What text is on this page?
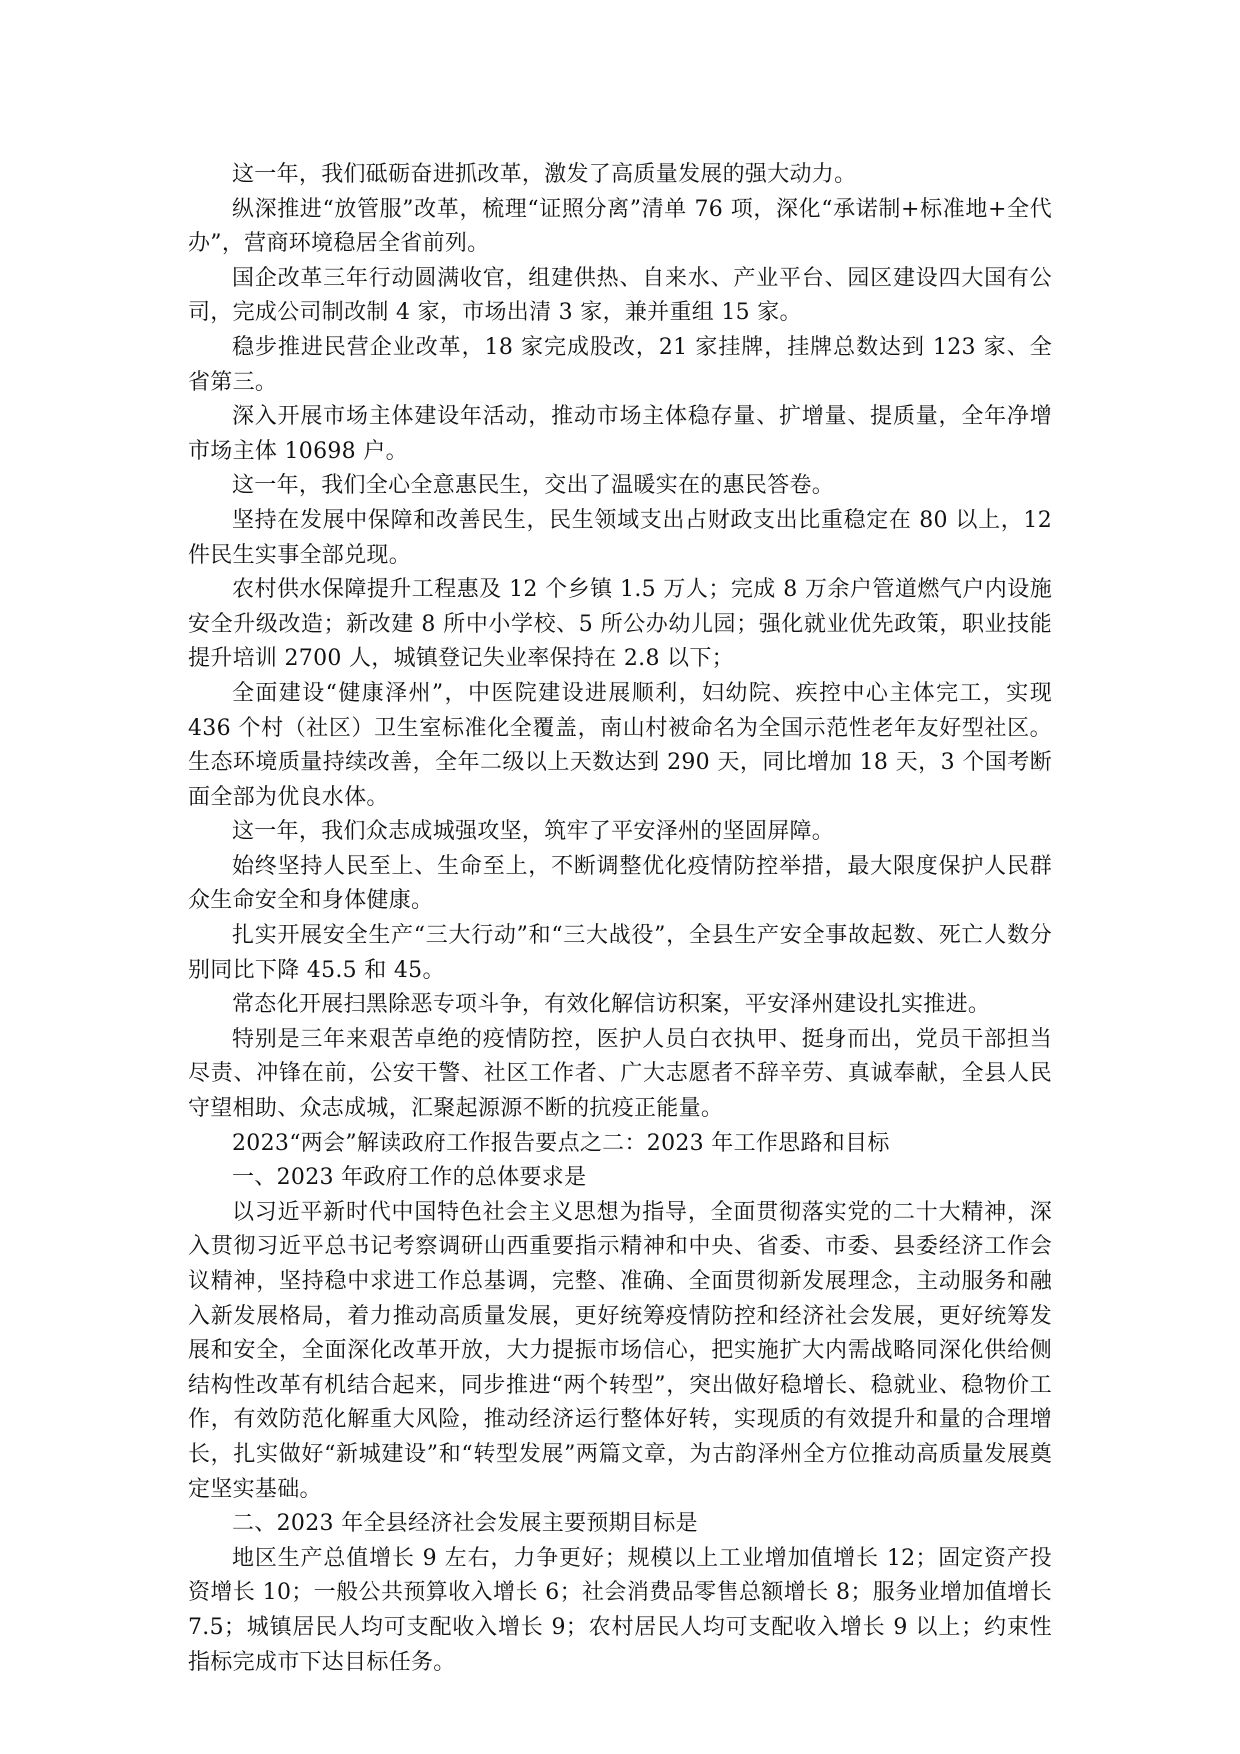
这一年，我们砥砺奋进抓改革，激发了高质量发展的强大动力。

纵深推进“放管服”改革，梳理“证照分离”清单 76 项，深化“承诺制+标准地+全代办”，营商环境稳居全省前列。

国企改革三年行动圆满收官，组建供热、自来水、产业平台、园区建设四大国有公司，完成公司制改制 4 家，市场出清 3 家，兼并重组 15 家。

稳步推进民营企业改革，18 家完成股改，21 家挂牌，挂牌总数达到 123 家、全省第三。

深入开展市场主体建设年活动，推动市场主体稳存量、扩增量、提质量，全年净增市场主体 10698 户。

这一年，我们全心全意惠民生，交出了温暖实在的惠民答卷。

坚持在发展中保障和改善民生，民生领域支出占财政支出比重稳定在 80 以上，12 件民生实事全部兑现。

农村供水保障提升工程惠及 12 个乡镇 1.5 万人；完成 8 万余户管道燃气户内设施安全升级改造；新改建 8 所中小学校、5 所公办幼儿园；强化就业优先政策，职业技能提升培训 2700 人，城镇登记失业率保持在 2.8 以下；

全面建设“健康泽州”，中医院建设进展顺利，妇幼院、疾控中心主体完工，实现 436 个村（社区）卫生室标准化全覆盖，南山村被命名为全国示范性老年友好型社区。生态环境质量持续改善，全年二级以上天数达到 290 天，同比增加 18 天，3 个国考断面全部为优良水体。

这一年，我们众志成城强攻坚，筑牢了平安泽州的坚固屏障。

始终坚持人民至上、生命至上，不断调整优化疫情防控举措，最大限度保护人民群众生命安全和身体健康。

扎实开展安全生产“三大行动”和“三大战役”，全县生产安全事故起数、死亡人数分别同比下降 45.5 和 45。

常态化开展扫黑除恶专项斗争，有效化解信访积案，平安泽州建设扎实推进。

特别是三年来艰苦卓绝的疫情防控，医护人员白衣执甲、挺身而出，党员干部担当尽责、冲锋在前，公安干警、社区工作者、广大志愿者不辞辛劳、真诚奉献，全县人民守望相助、众志成城，汇聚起源源不断的抗疫正能量。

2023“两会”解读政府工作报告要点之二：2023 年工作思路和目标

一、2023 年政府工作的总体要求是

以习近平新时代中国特色社会主义思想为指导，全面贯彻落实党的二十大精神，深入贯彻习近平总书记考察调研山西重要指示精神和中央、省委、市委、县委经济工作会议精神，坚持稳中求进工作总基调，完整、准确、全面贯彻新发展理念，主动服务和融入新发展格局，着力推动高质量发展，更好统筹疫情防控和经济社会发展，更好统筹发展和安全，全面深化改革开放，大力提振市场信心，把实施扩大内需战略同深化供给侧结构性改革有机结合起来，同步推进“两个转型”，突出做好稳增长、稳就业、稳物价工作，有效防范化解重大风险，推动经济运行整体好转，实现质的有效提升和量的合理增长，扎实做好“新城建设”和“转型发展”两篇文章，为古韵泽州全方位推动高质量发展奠定坚实基础。

二、2023 年全县经济社会发展主要预期目标是

地区生产总值增长 9 左右，力争更好；规模以上工业增加值增长 12；固定资产投资增长 10；一般公共预算收入增长 6；社会消费品零售总额增长 8；服务业增加值增长 7.5；城镇居民人均可支配收入增长 9；农村居民人均可支配收入增长 9 以上；约束性指标完成市下达目标任务。
